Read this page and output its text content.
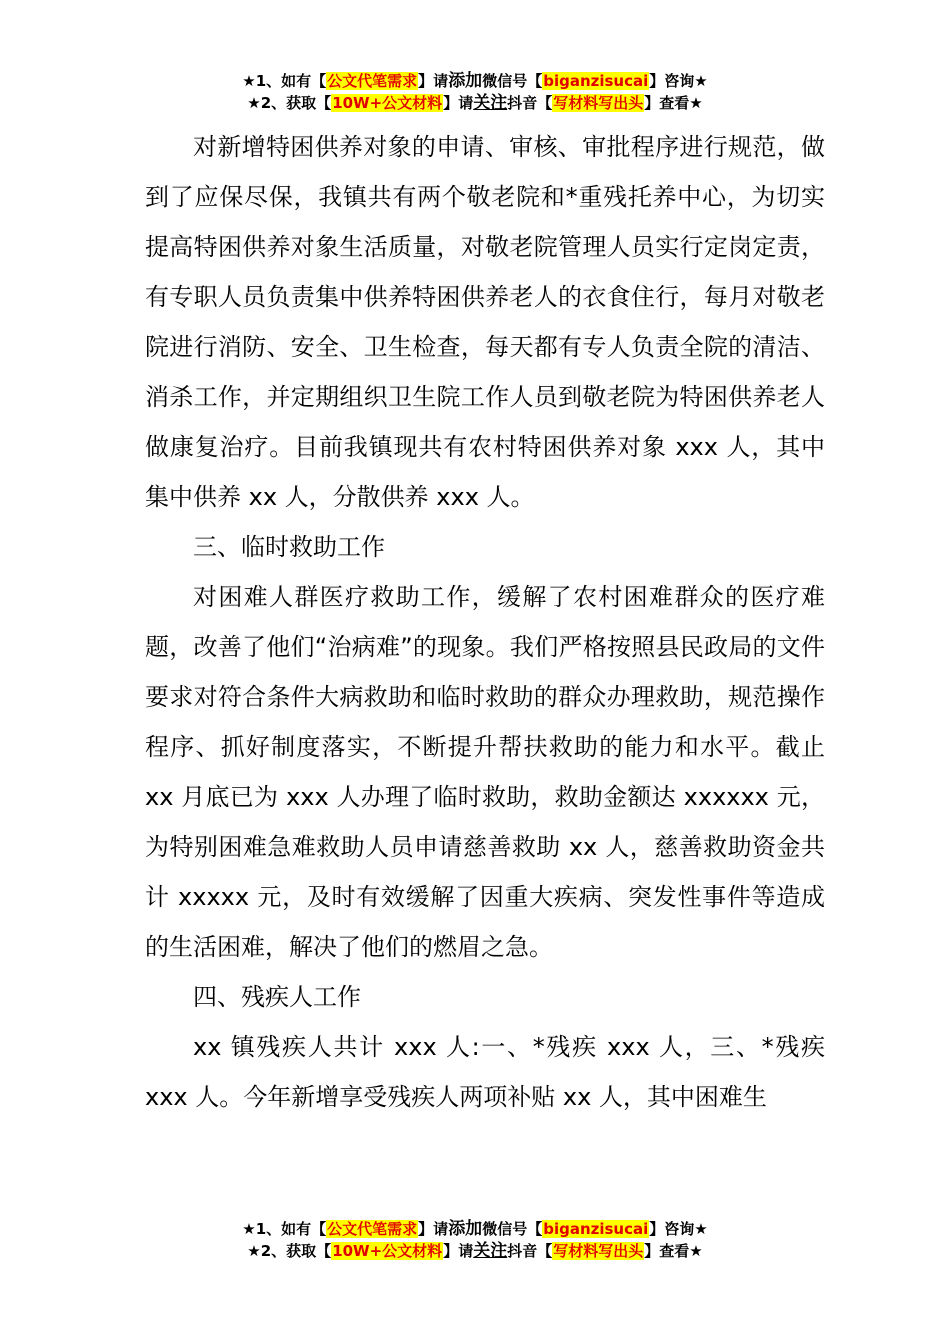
★1、如有【公文代笔需求】请添加微信号【biganzisucai】咨询★
★2、获取【10W+公文材料】请关注抖音【写材料写出头】查看★

对新增特困供养对象的申请、审核、审批程序进行规范，做到了应保尽保，我镇共有两个敬老院和*重残托养中心，为切实提高特困供养对象生活质量，对敬老院管理人员实行定岗定责，有专职人员负责集中供养特困供养老人的衣食住行，每月对敬老院进行消防、安全、卫生检查，每天都有专人负责全院的清洁、消杀工作，并定期组织卫生院工作人员到敬老院为特困供养老人做康复治疗。目前我镇现共有农村特困供养对象 xxx 人，其中集中供养 xx 人，分散供养 xxx 人。

三、临时救助工作

对困难人群医疗救助工作，缓解了农村困难群众的医疗难题，改善了他们“治病难”的现象。我们严格按照县民政局的文件要求对符合条件大病救助和临时救助的群众办理救助，规范操作程序、抓好制度落实，不断提升帮扶救助的能力和水平。截止 xx 月底已为 xxx 人办理了临时救助，救助金额达 xxxxxx 元，为特别困难急难救助人员申请慈善救助 xx 人，慈善救助资金共计 xxxxx 元，及时有效缓解了因重大疾病、突发性事件等造成的生活困难，解决了他们的燃眉之急。

四、残疾人工作

xx 镇残疾人共计 xxx 人:一、*残疾 xxx 人，三、*残疾 xxx 人。今年新增享受残疾人两项补贴 xx 人，其中困难生

★1、如有【公文代笔需求】请添加微信号【biganzisucai】咨询★
★2、获取【10W+公文材料】请关注抖音【写材料写出头】查看★
